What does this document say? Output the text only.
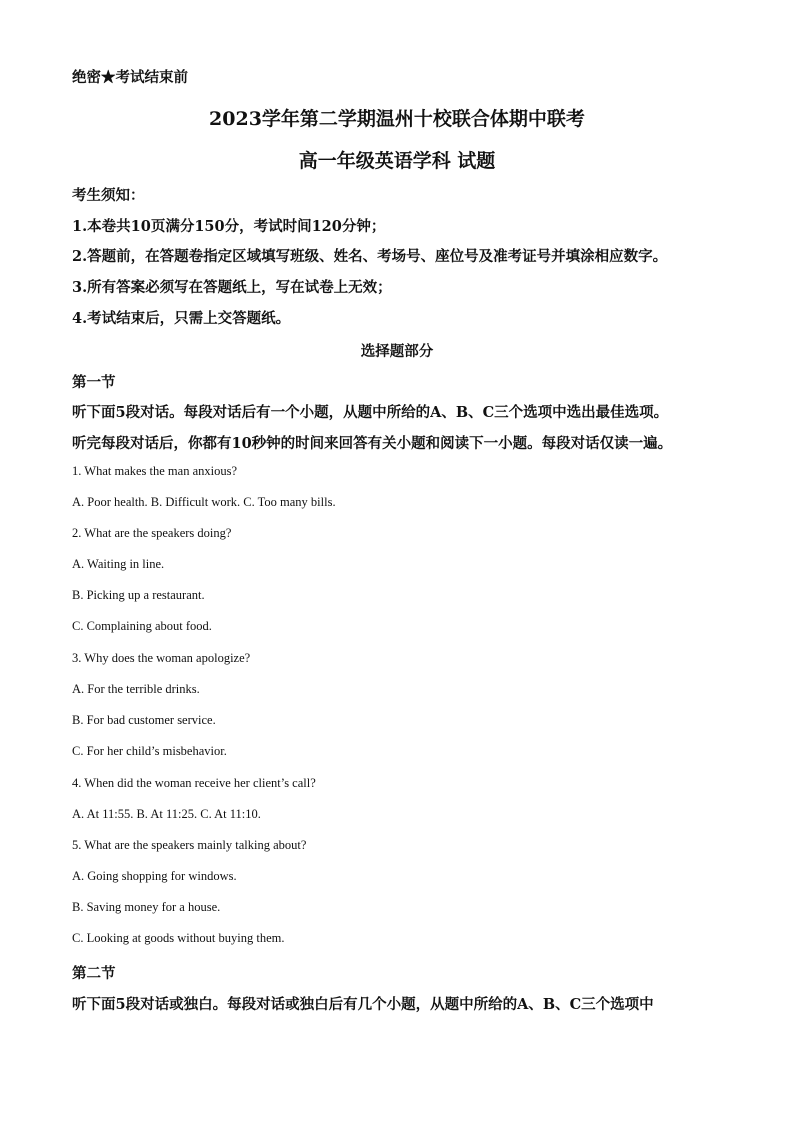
绝密★考试结束前
2023学年第二学期温州十校联合体期中联考
高一年级英语学科 试题
考生须知：
1.本卷共10页满分150分，考试时间120分钟；
2.答题前，在答题卷指定区域填写班级、姓名、考场号、座位号及准考证号并填涂相应数字。
3.所有答案必须写在答题纸上，写在试卷上无效；
4.考试结束后，只需上交答题纸。
选择题部分
第一节
听下面5段对话。每段对话后有一个小题，从题中所给的A、B、C三个选项中选出最佳选项。
听完每段对话后，你都有10秒钟的时间来回答有关小题和阅读下一小题。每段对话仅读一遍。
1. What makes the man anxious?
A. Poor health. B. Difficult work. C. Too many bills.
2. What are the speakers doing?
A. Waiting in line.
B. Picking up a restaurant.
C. Complaining about food.
3. Why does the woman apologize?
A. For the terrible drinks.
B. For bad customer service.
C. For her child’s misbehavior.
4. When did the woman receive her client’s call?
A. At 11:55. B. At 11:25. C. At 11:10.
5. What are the speakers mainly talking about?
A. Going shopping for windows.
B. Saving money for a house.
C. Looking at goods without buying them.
第二节
听下面5段对话或独白。每段对话或独白后有几个小题，从题中所给的A、B、C三个选项中
